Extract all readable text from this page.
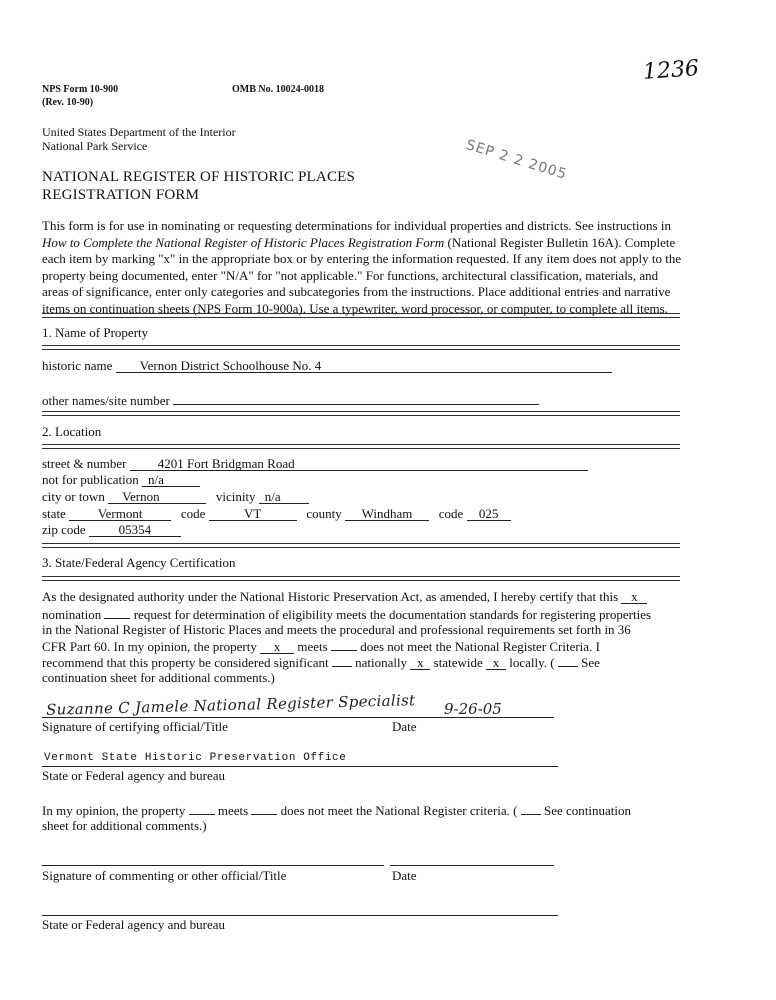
NPS Form 10-900
(Rev. 10-90)
OMB No. 10024-0018
1236
SEP 2 2 2005
United States Department of the Interior
National Park Service
NATIONAL REGISTER OF HISTORIC PLACES
REGISTRATION FORM
This form is for use in nominating or requesting determinations for individual properties and districts. See instructions in How to Complete the National Register of Historic Places Registration Form (National Register Bulletin 16A). Complete each item by marking "x" in the appropriate box or by entering the information requested. If any item does not apply to the property being documented, enter "N/A" for "not applicable." For functions, architectural classification, materials, and areas of significance, enter only categories and subcategories from the instructions. Place additional entries and narrative items on continuation sheets (NPS Form 10-900a). Use a typewriter, word processor, or computer, to complete all items.
1. Name of Property
historic name Vernon District Schoolhouse No. 4
other names/site number
2. Location
street & number 4201 Fort Bridgman Road
not for publication n/a
city or town Vernon	vicinity n/a
state Vermont	code	VT	county Windham code 025
zip code	05354
3. State/Federal Agency Certification
As the designated authority under the National Historic Preservation Act, as amended, I hereby certify that this x
nomination	request for determination of eligibility meets the documentation standards for registering properties
in the National Register of Historic Places and meets the procedural and professional requirements set forth in 36
CFR Part 60. In my opinion, the property x meets	does not meet the National Register Criteria. I
recommend that this property be considered significant nationally x statewide x locally. ( See
continuation sheet for additional comments.)
Suzanne C Jamele National Register Specialist 9-26-05
Signature of certifying official/Title	Date
Vermont State Historic Preservation Office
State or Federal agency and bureau
In my opinion, the property	meets	does not meet the National Register criteria. ( See continuation
sheet for additional comments.)
Signature of commenting or other official/Title	Date
State or Federal agency and bureau
